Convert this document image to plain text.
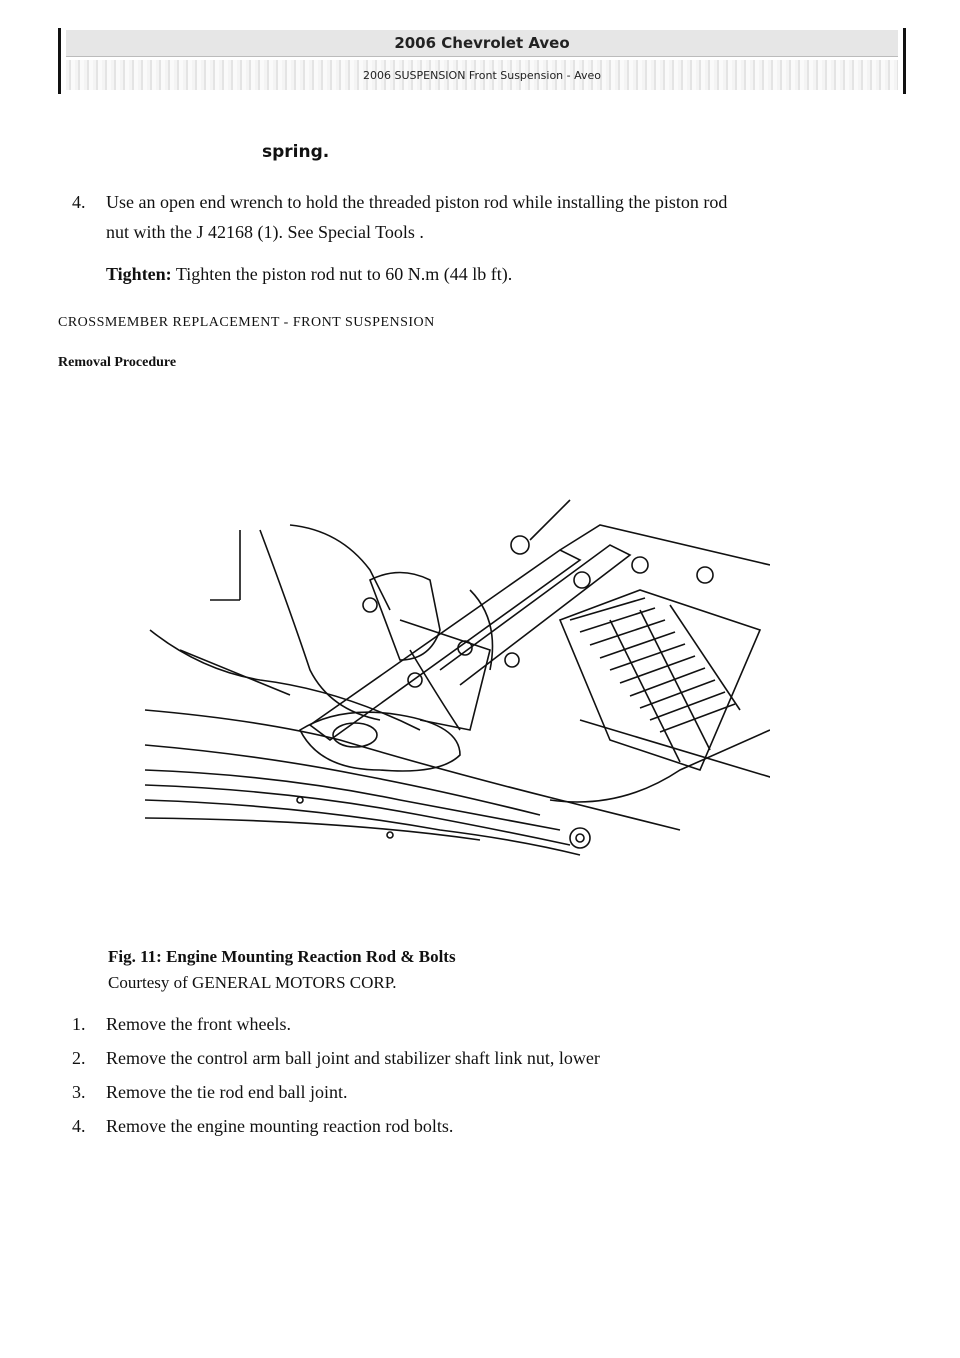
2006 Chevrolet Aveo
2006 SUSPENSION Front Suspension - Aveo
spring.
4. Use an open end wrench to hold the threaded piston rod while installing the piston rod
nut with the J 42168 (1). See Special Tools .
Tighten: Tighten the piston rod nut to 60 N.m (44 lb ft).
CROSSMEMBER REPLACEMENT - FRONT SUSPENSION
Removal Procedure
Fig. 11: Engine Mounting Reaction Rod & Bolts
Courtesy of GENERAL MOTORS CORP.
1. Remove the front wheels.
2. Remove the control arm ball joint and stabilizer shaft link nut, lower
3. Remove the tie rod end ball joint.
4. Remove the engine mounting reaction rod bolts.
